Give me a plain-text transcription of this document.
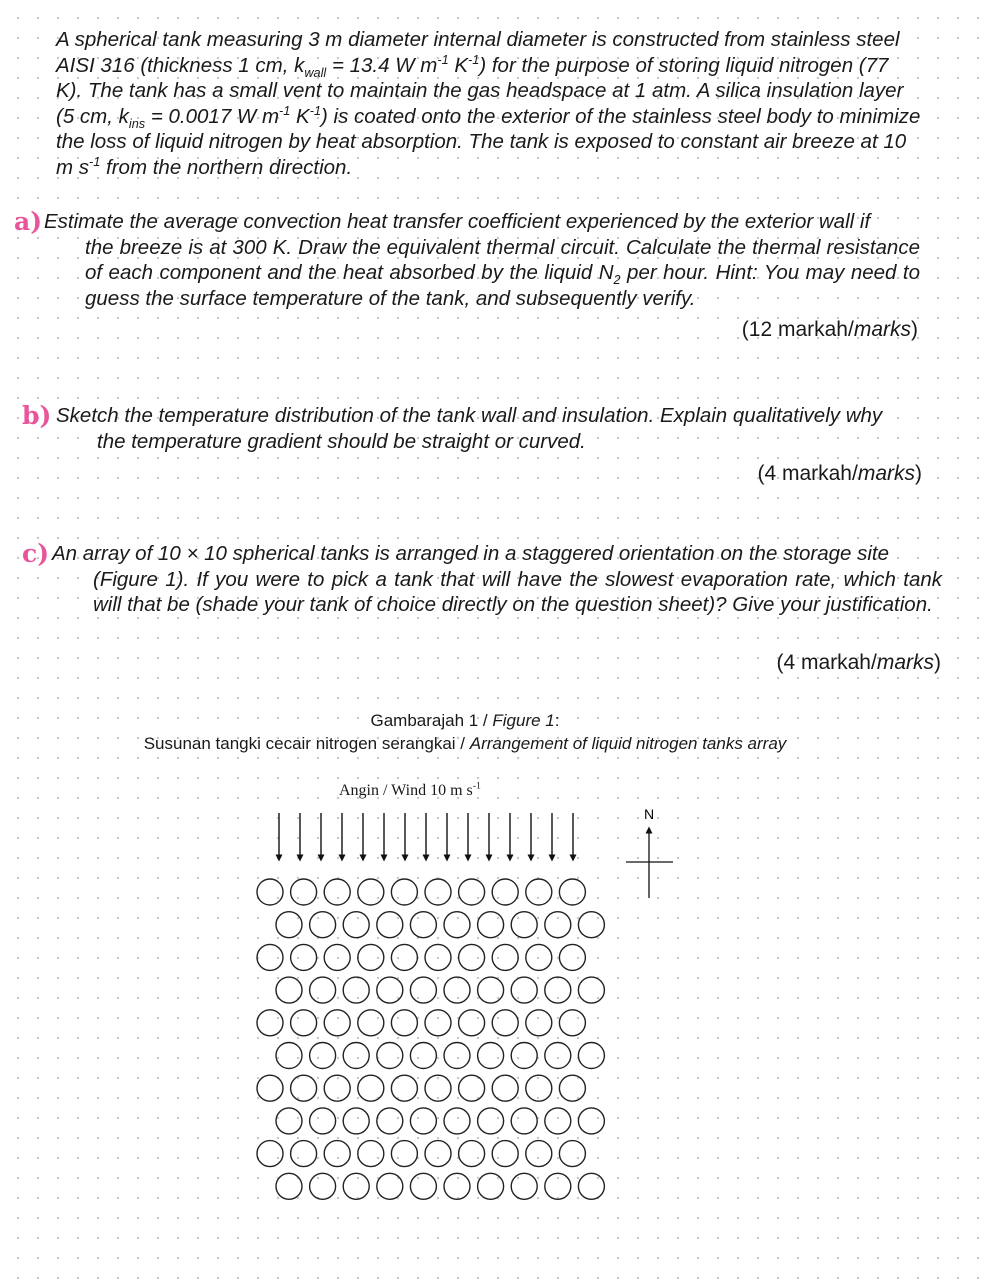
A spherical tank measuring 3 m diameter internal diameter is constructed from stainless steel
AISI 316 (thickness 1 cm, $k_{wall} = 13.4$ W $m^{-1}$ $K^{-1}$) for the purpose of storing liquid nitrogen (77
K). The tank has a small vent to maintain the gas headspace at 1 atm. A silica insulation layer
(5 cm, $k_{ins} = 0.0017$ W $m^{-1}$ $K^{-1}$) is coated onto the exterior of the stainless steel body to minimize
the loss of liquid nitrogen by heat absorption. The tank is exposed to constant air breeze at 10
m $s^{-1}$ from the northern direction.

a) Estimate the average convection heat transfer coefficient experienced by the exterior wall if
the breeze is at 300 K. Draw the equivalent thermal circuit. Calculate the thermal resistance of each component and the heat absorbed by the liquid $N_2$ per hour. Hint: You may need to guess the surface temperature of the tank, and subsequently verify.
(12 markah/marks)
b) Sketch the temperature distribution of the tank wall and insulation. Explain qualitatively why
the temperature gradient should be straight or curved.
(4 markah/marks)
c) An array of 10 × 10 spherical tanks is arranged in a staggered orientation on the storage site
(Figure 1). If you were to pick a tank that will have the slowest evaporation rate, which tank will that be (shade your tank of choice directly on the question sheet)? Give your justification.
(4 markah/marks)
Gambarajah 1 / Figure 1:
Susunan tangki cecair nitrogen serangkai / Arrangement of liquid nitrogen tanks array
Angin / Wind 10 m $s^{-1}$
N
